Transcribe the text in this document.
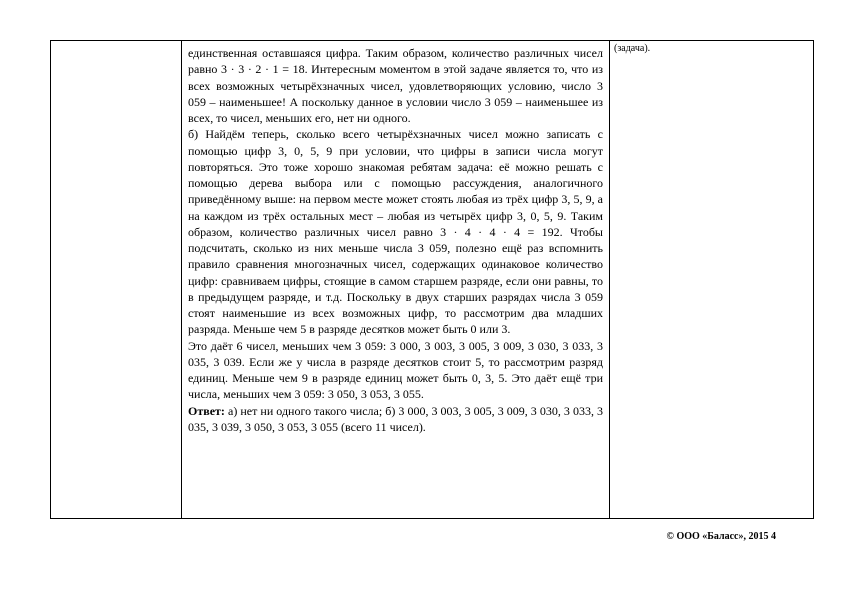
единственная оставшаяся цифра. Таким образом, количество различных чисел равно 3 · 3 · 2 · 1 = 18. Интересным моментом в этой задаче является то, что из всех возможных четырёхзначных чисел, удовлетворяющих условию, число 3 059 – наименьшее! А поскольку данное в условии число 3 059 – наименьшее из всех, то чисел, меньших его, нет ни одного.

б) Найдём теперь, сколько всего четырёхзначных чисел можно записать с помощью цифр 3, 0, 5, 9 при условии, что цифры в записи числа могут повторяться. Это тоже хорошо знакомая ребятам задача: её можно решать с помощью дерева выбора или с помощью рассуждения, аналогичного приведённому выше: на первом месте может стоять любая из трёх цифр 3, 5, 9, а на каждом из трёх остальных мест – любая из четырёх цифр 3, 0, 5, 9. Таким образом, количество различных чисел равно 3 · 4 · 4 · 4 = 192. Чтобы подсчитать, сколько из них меньше числа 3 059, полезно ещё раз вспомнить правило сравнения многозначных чисел, содержащих одинаковое количество цифр: сравниваем цифры, стоящие в самом старшем разряде, если они равны, то в предыдущем разряде, и т.д. Поскольку в двух старших разрядах числа 3 059 стоят наименьшие из всех возможных цифр, то рассмотрим два младших разряда. Меньше чем 5 в разряде десятков может быть 0 или 3.

Это даёт 6 чисел, меньших чем 3 059: 3 000, 3 003, 3 005, 3 009, 3 030, 3 033, 3 035, 3 039. Если же у числа в разряде десятков стоит 5, то рассмотрим разряд единиц. Меньше чем 9 в разряде единиц может быть 0, 3, 5. Это даёт ещё три числа, меньших чем 3 059: 3 050, 3 053, 3 055.

Ответ: а) нет ни одного такого числа; б) 3 000, 3 003, 3 005, 3 009, 3 030, 3 033, 3 035, 3 039, 3 050, 3 053, 3 055 (всего 11 чисел).

(задача).
© ООО «Баласс», 2015 4
